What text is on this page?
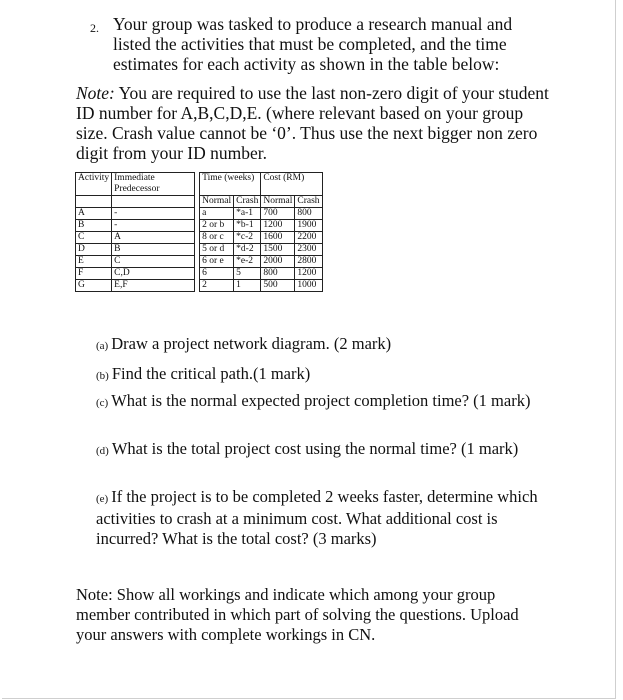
2. Your group was tasked to produce a research manual and listed the activities that must be completed, and the time estimates for each activity as shown in the table below:
Note: You are required to use the last non-zero digit of your student ID number for A,B,C,D,E. (where relevant based on your group size. Crash value cannot be ‘0’. Thus use the next bigger non zero digit from your ID number.
Activity	Immediate Predecessor		Time (weeks)		Cost (RM)	
			Normal	Crash	Normal	Crash
A	-		a	*a-1	700	800
B	-		2 or b	*b-1	1200	1900
C	A		8 or c	*c-2	1600	2200
D	B		5 or d	*d-2	1500	2300
E	C		6 or e	*e-2	2000	2800
F	C,D		6	5	800	1200
G	E,F		2	1	500	1000
(a) Draw a project network diagram. (2 mark)
(b) Find the critical path.(1 mark)
(c) What is the normal expected project completion time? (1 mark)
(d) What is the total project cost using the normal time? (1 mark)
(e) If the project is to be completed 2 weeks faster, determine which activities to crash at a minimum cost. What additional cost is incurred? What is the total cost? (3 marks)
Note: Show all workings and indicate which among your group member contributed in which part of solving the questions. Upload your answers with complete workings in CN.
